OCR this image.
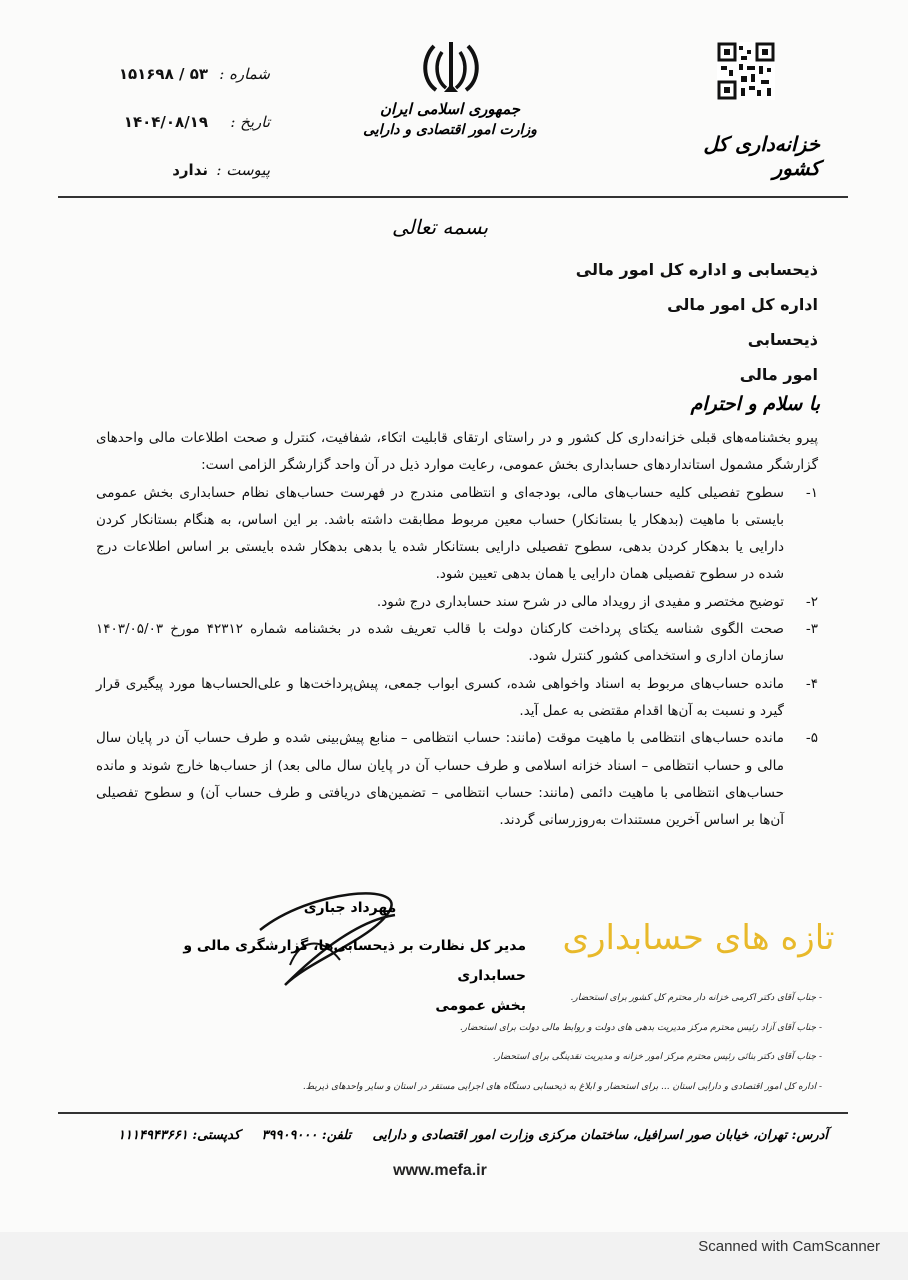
شماره :
۵۳ / ۱۵۱۶۹۸
تاریخ :
۱۴۰۴/۰۸/۱۹
پیوست :
ندارد
جمهوری اسلامی ایران
وزارت امور اقتصادی و دارایی
خزانه‌داری کل کشور
بسمه تعالی
ذیحسابی و اداره کل امور مالی
اداره کل امور مالی
ذیحسابی
امور مالی
با سلام و احترام

پیرو بخشنامه‌های قبلی خزانه‌داری کل کشور و در راستای ارتقای قابلیت اتکاء، شفافیت، کنترل و صحت اطلاعات مالی واحدهای گزارشگر مشمول استانداردهای حسابداری بخش عمومی، رعایت موارد ذیل در آن واحد گزارشگر الزامی است:

۱-
سطوح تفصیلی کلیه حساب‌های مالی، بودجه‌ای و انتظامی مندرج در فهرست حساب‌های نظام حسابداری بخش عمومی بایستی با ماهیت (بدهکار یا بستانکار) حساب معین مربوط مطابقت داشته باشد. بر این اساس، به هنگام بستانکار کردن دارایی یا بدهکار کردن بدهی، سطوح تفصیلی دارایی بستانکار شده یا بدهی بدهکار شده بایستی بر اساس اطلاعات درج شده در سطوح تفصیلی همان دارایی یا همان بدهی تعیین شود.
۲-
توضیح مختصر و مفیدی از رویداد مالی در شرح سند حسابداری درج شود.
۳-
صحت الگوی شناسه یکتای پرداخت کارکنان دولت با قالب تعریف شده در بخشنامه شماره ۴۲۳۱۲ مورخ ۱۴۰۳/۰۵/۰۳ سازمان اداری و استخدامی کشور کنترل شود.
۴-
مانده حساب‌های مربوط به اسناد واخواهی شده، کسری ابواب جمعی، پیش‌پرداخت‌ها و علی‌الحساب‌ها مورد پیگیری قرار گیرد و نسبت به آن‌ها اقدام مقتضی به عمل آید.
۵-
مانده حساب‌های انتظامی با ماهیت موقت (مانند: حساب انتظامی – منابع پیش‌بینی شده و طرف حساب آن در پایان سال مالی و حساب انتظامی – اسناد خزانه اسلامی و طرف حساب آن در پایان سال مالی بعد) از حساب‌ها خارج شوند و مانده حساب‌های انتظامی با ماهیت دائمی (مانند: حساب انتظامی – تضمین‌های دریافتی و طرف حساب آن) و سطوح تفصیلی آن‌ها بر اساس آخرین مستندات به‌روزرسانی گردند.
مهرداد جباری
مدیر کل نظارت بر ذیحسابی‌ها، گزارشگری مالی و حسابداری
بخش عمومی
تازه های حسابداری
- جناب آقای دکتر اکرمی خزانه دار محترم کل کشور برای استحضار.
- جناب آقای آزاد رئیس محترم مرکز مدیریت بدهی های دولت و روابط مالی دولت برای استحضار.
- جناب آقای دکتر بنائی رئیس محترم مرکز امور خزانه و مدیریت نقدینگی برای استحضار.
- اداره کل امور اقتصادی و دارایی استان ... برای استحضار و ابلاغ به ذیحسابی دستگاه های اجرایی مستقر در استان و سایر واحدهای ذیربط.
آدرس: تهران، خیابان صور اسرافیل، ساختمان مرکزی وزارت امور اقتصادی و دارایی
تلفن: ۳۹۹۰۹۰۰۰
کدپستی: ۱۱۱۴۹۴۳۶۶۱
www.mefa.ir
Scanned with CamScanner
